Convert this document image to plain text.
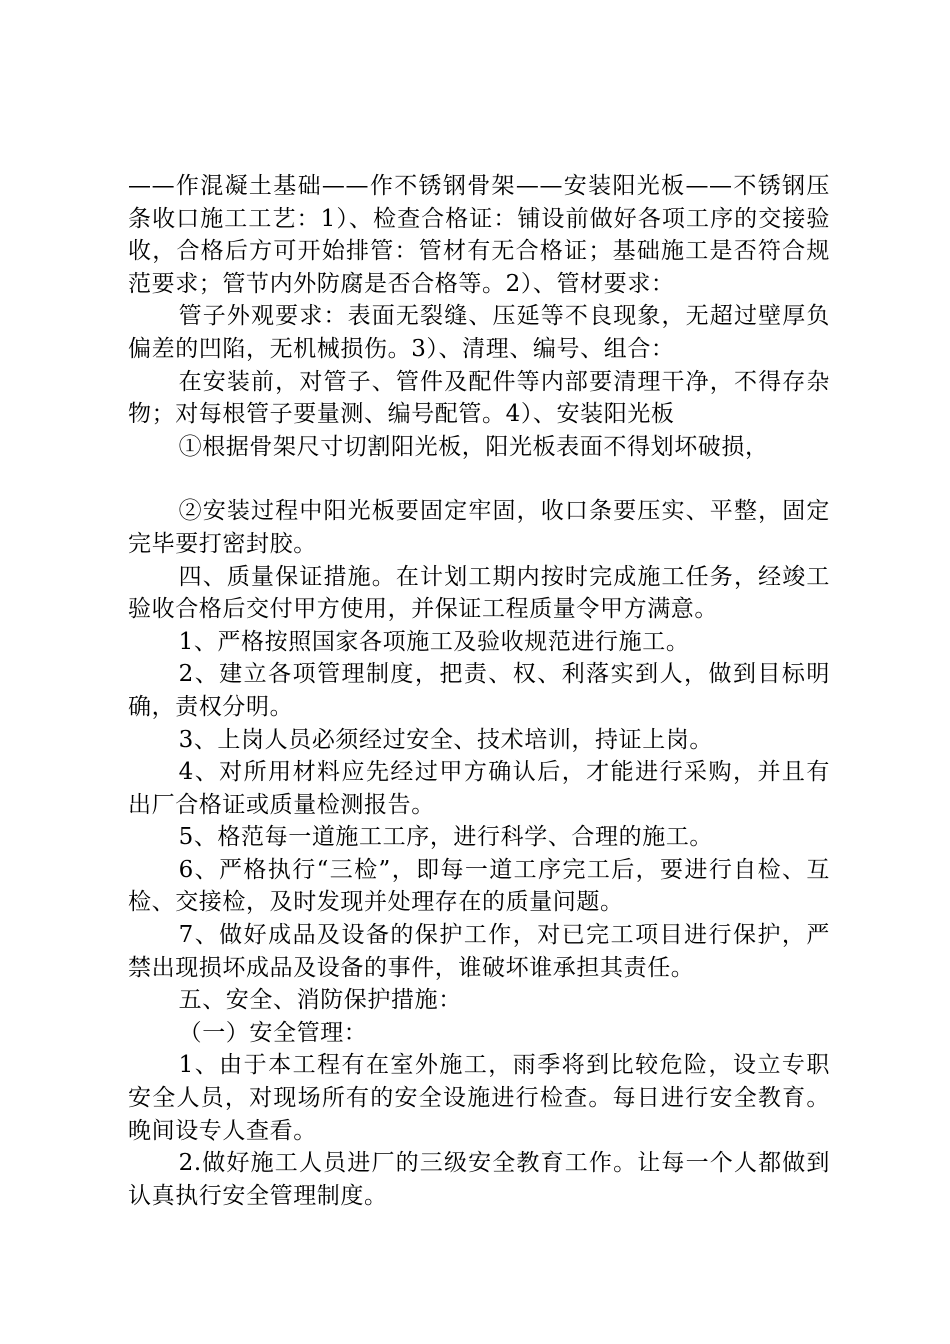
——作混凝土基础——作不锈钢骨架——安装阳光板——不锈钢压条收口施工工艺：1）、检查合格证：铺设前做好各项工序的交接验收，合格后方可开始排管：管材有无合格证；基础施工是否符合规范要求；管节内外防腐是否合格等。2）、管材要求：

管子外观要求：表面无裂缝、压延等不良现象，无超过壁厚负偏差的凹陷，无机械损伤。3）、清理、编号、组合：

在安装前，对管子、管件及配件等内部要清理干净，不得存杂物；对每根管子要量测、编号配管。4）、安装阳光板

①根据骨架尺寸切割阳光板，阳光板表面不得划坏破损，

②安装过程中阳光板要固定牢固，收口条要压实、平整，固定完毕要打密封胶。

四、质量保证措施。在计划工期内按时完成施工任务，经竣工验收合格后交付甲方使用，并保证工程质量令甲方满意。

1、严格按照国家各项施工及验收规范进行施工。

2、建立各项管理制度，把责、权、利落实到人，做到目标明确，责权分明。

3、上岗人员必须经过安全、技术培训，持证上岗。

4、对所用材料应先经过甲方确认后，才能进行采购，并且有出厂合格证或质量检测报告。

5、格范每一道施工工序，进行科学、合理的施工。

6、严格执行“三检”，即每一道工序完工后，要进行自检、互检、交接检，及时发现并处理存在的质量问题。

7、做好成品及设备的保护工作，对已完工项目进行保护，严禁出现损坏成品及设备的事件，谁破坏谁承担其责任。

五、安全、消防保护措施：

（一）安全管理：

1、由于本工程有在室外施工，雨季将到比较危险，设立专职安全人员，对现场所有的安全设施进行检查。每日进行安全教育。晚间设专人查看。

2.做好施工人员进厂的三级安全教育工作。让每一个人都做到认真执行安全管理制度。
